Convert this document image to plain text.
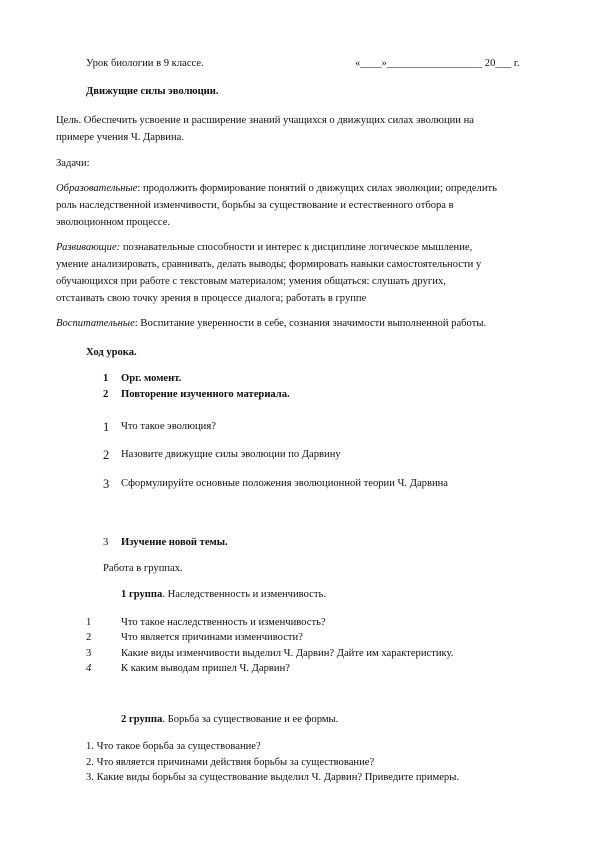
Урок биологии в 9 классе.	«____»__________________ 20___ г.
Движущие силы эволюции.
Цель. Обеспечить усвоение и расширение знаний учащихся о движущих силах эволюции на
примере учения Ч. Дарвина.
Задачи:
Образовательные: продолжить формирование понятий о движущих силах эволюции; определить
роль наследственной изменчивости, борьбы за существование и естественного отбора в
эволюционном процессе.
Развивающие: познавательные способности и интерес к дисциплине логическое мышление,
умение анализировать, сравнивать, делать выводы; формировать навыки самостоятельности у
обучающихся при работе с текстовым материалом; умения общаться: слушать других,
отстаивать свою точку зрения в процессе диалога; работать в группе
Воспитательные: Воспитание уверенности в себе, сознания значимости выполненной работы.
Ход урока.
1 Орг. момент.
2 Повторение изученного материала.
1 Что такое эволюция?
2 Назовите движущие силы эволюции по Дарвину
3 Сформулируйте основные положения эволюционной теории Ч. Дарвина
3 Изучение новой темы.
Работа в группах.
1 группа. Наследственность и изменчивость.
1	Что такое наследственность и изменчивость?
2	Что является причинами изменчивости?
3	Какие виды изменчивости выделил Ч. Дарвин? Дайте им характеристику.
4	К каким выводам пришел Ч. Дарвин?
2 группа. Борьба за существование и ее формы.
1. Что такое борьба за существование?
2. Что является причинами действия борьбы за существование?
3. Какие виды борьбы за существование выделил Ч. Дарвин? Приведите примеры.
